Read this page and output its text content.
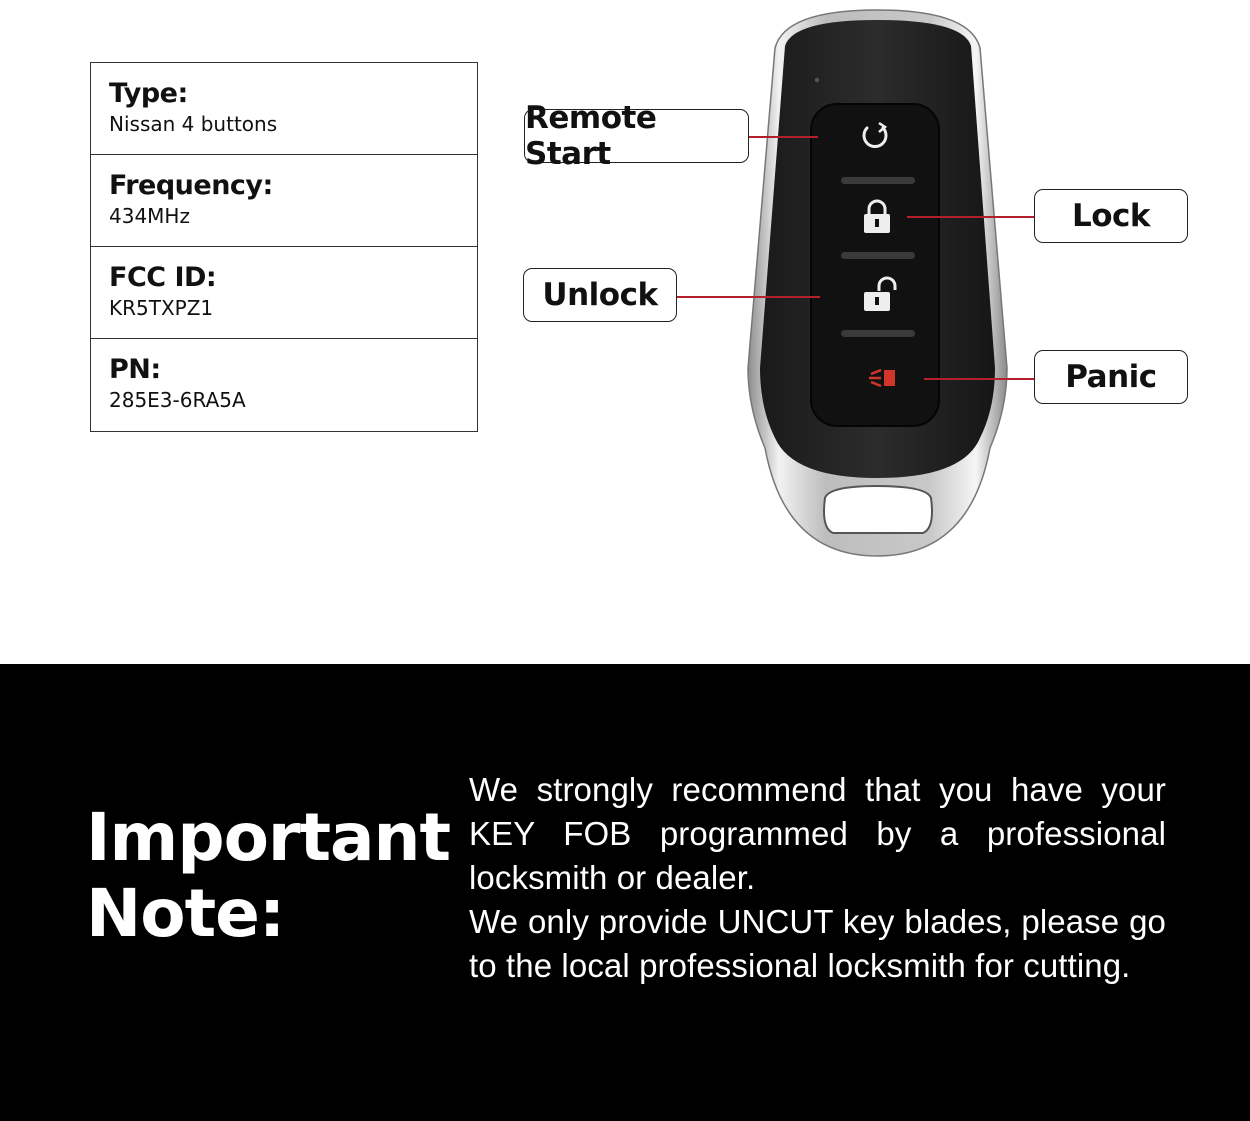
Type:
Nissan 4 buttons
Frequency:
434MHz
FCC ID:
KR5TXPZ1
PN:
285E3-6RA5A
Remote Start
Lock
Unlock
Panic
Important
Note:

We strongly recommend that you have your KEY FOB programmed by a professional locksmith or dealer.

We only provide UNCUT key blades, please go to the local professional locksmith for cutting.
